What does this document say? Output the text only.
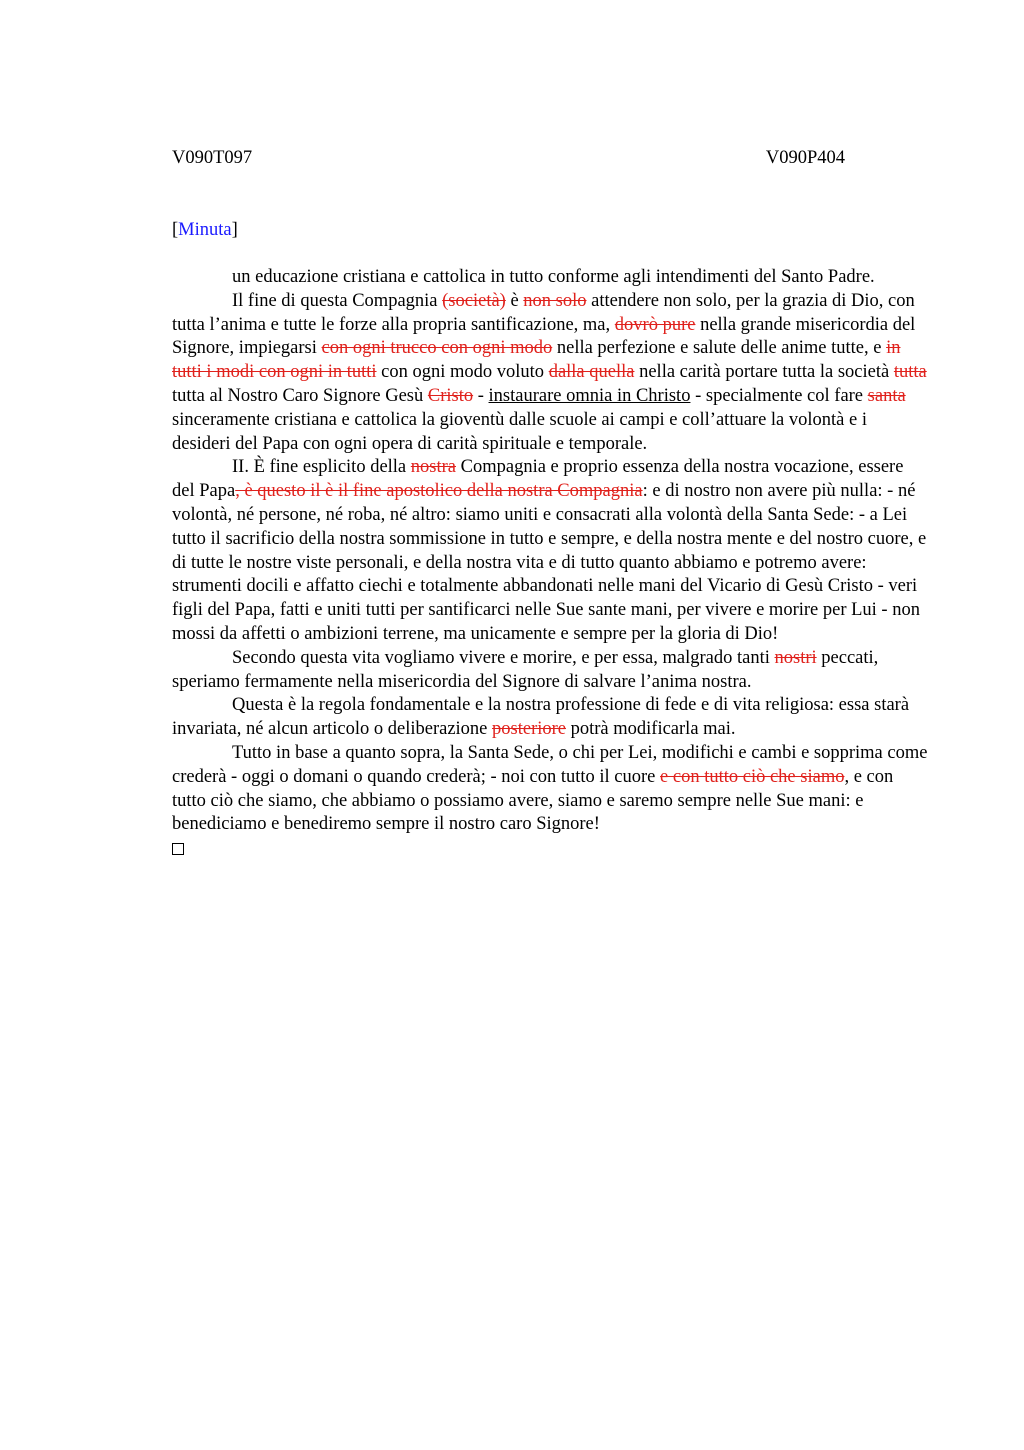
V090T097	V090P404
[Minuta]

un educazione cristiana e cattolica in tutto conforme agli intendimenti del Santo Padre.

Il fine di questa Compagnia (società) è non solo attendere non solo, per la grazia di Dio, con tutta l’anima e tutte le forze alla propria santificazione, ma, dovrò pure nella grande misericordia del Signore, impiegarsi con ogni trucco con ogni modo nella perfezione e salute delle anime tutte, e in tutti i modi con ogni in tutti con ogni modo voluto dalla quella nella carità portare tutta la società tutta tutta al Nostro Caro Signore Gesù Cristo - instaurare omnia in Christo - specialmente col fare santa sinceramente cristiana e cattolica la gioventù dalle scuole ai campi e coll’attuare la volontà e i desideri del Papa con ogni opera di carità spirituale e temporale.

II. È fine esplicito della nostra Compagnia e proprio essenza della nostra vocazione, essere del Papa, è questo il è il fine apostolico della nostra Compagnia: e di nostro non avere più nulla: - né volontà, né persone, né roba, né altro: siamo uniti e consacrati alla volontà della Santa Sede: - a Lei tutto il sacrificio della nostra sommissione in tutto e sempre, e della nostra mente e del nostro cuore, e di tutte le nostre viste personali, e della nostra vita e di tutto quanto abbiamo e potremo avere: strumenti docili e affatto ciechi e totalmente abbandonati nelle mani del Vicario di Gesù Cristo - veri figli del Papa, fatti e uniti tutti per santificarci nelle Sue sante mani, per vivere e morire per Lui - non mossi da affetti o ambizioni terrene, ma unicamente e sempre per la gloria di Dio!

Secondo questa vita vogliamo vivere e morire, e per essa, malgrado tanti nostri peccati, speriamo fermamente nella misericordia del Signore di salvare l’anima nostra.

Questa è la regola fondamentale e la nostra professione di fede e di vita religiosa: essa starà invariata, né alcun articolo o deliberazione posteriore potrà modificarla mai.

Tutto in base a quanto sopra, la Santa Sede, o chi per Lei, modifichi e cambi e sopprima come crederà - oggi o domani o quando crederà; - noi con tutto il cuore e con tutto ciò che siamo, e con tutto ciò che siamo, che abbiamo o possiamo avere, siamo e saremo sempre nelle Sue mani: e benediciamo e benediremo sempre il nostro caro Signore!
